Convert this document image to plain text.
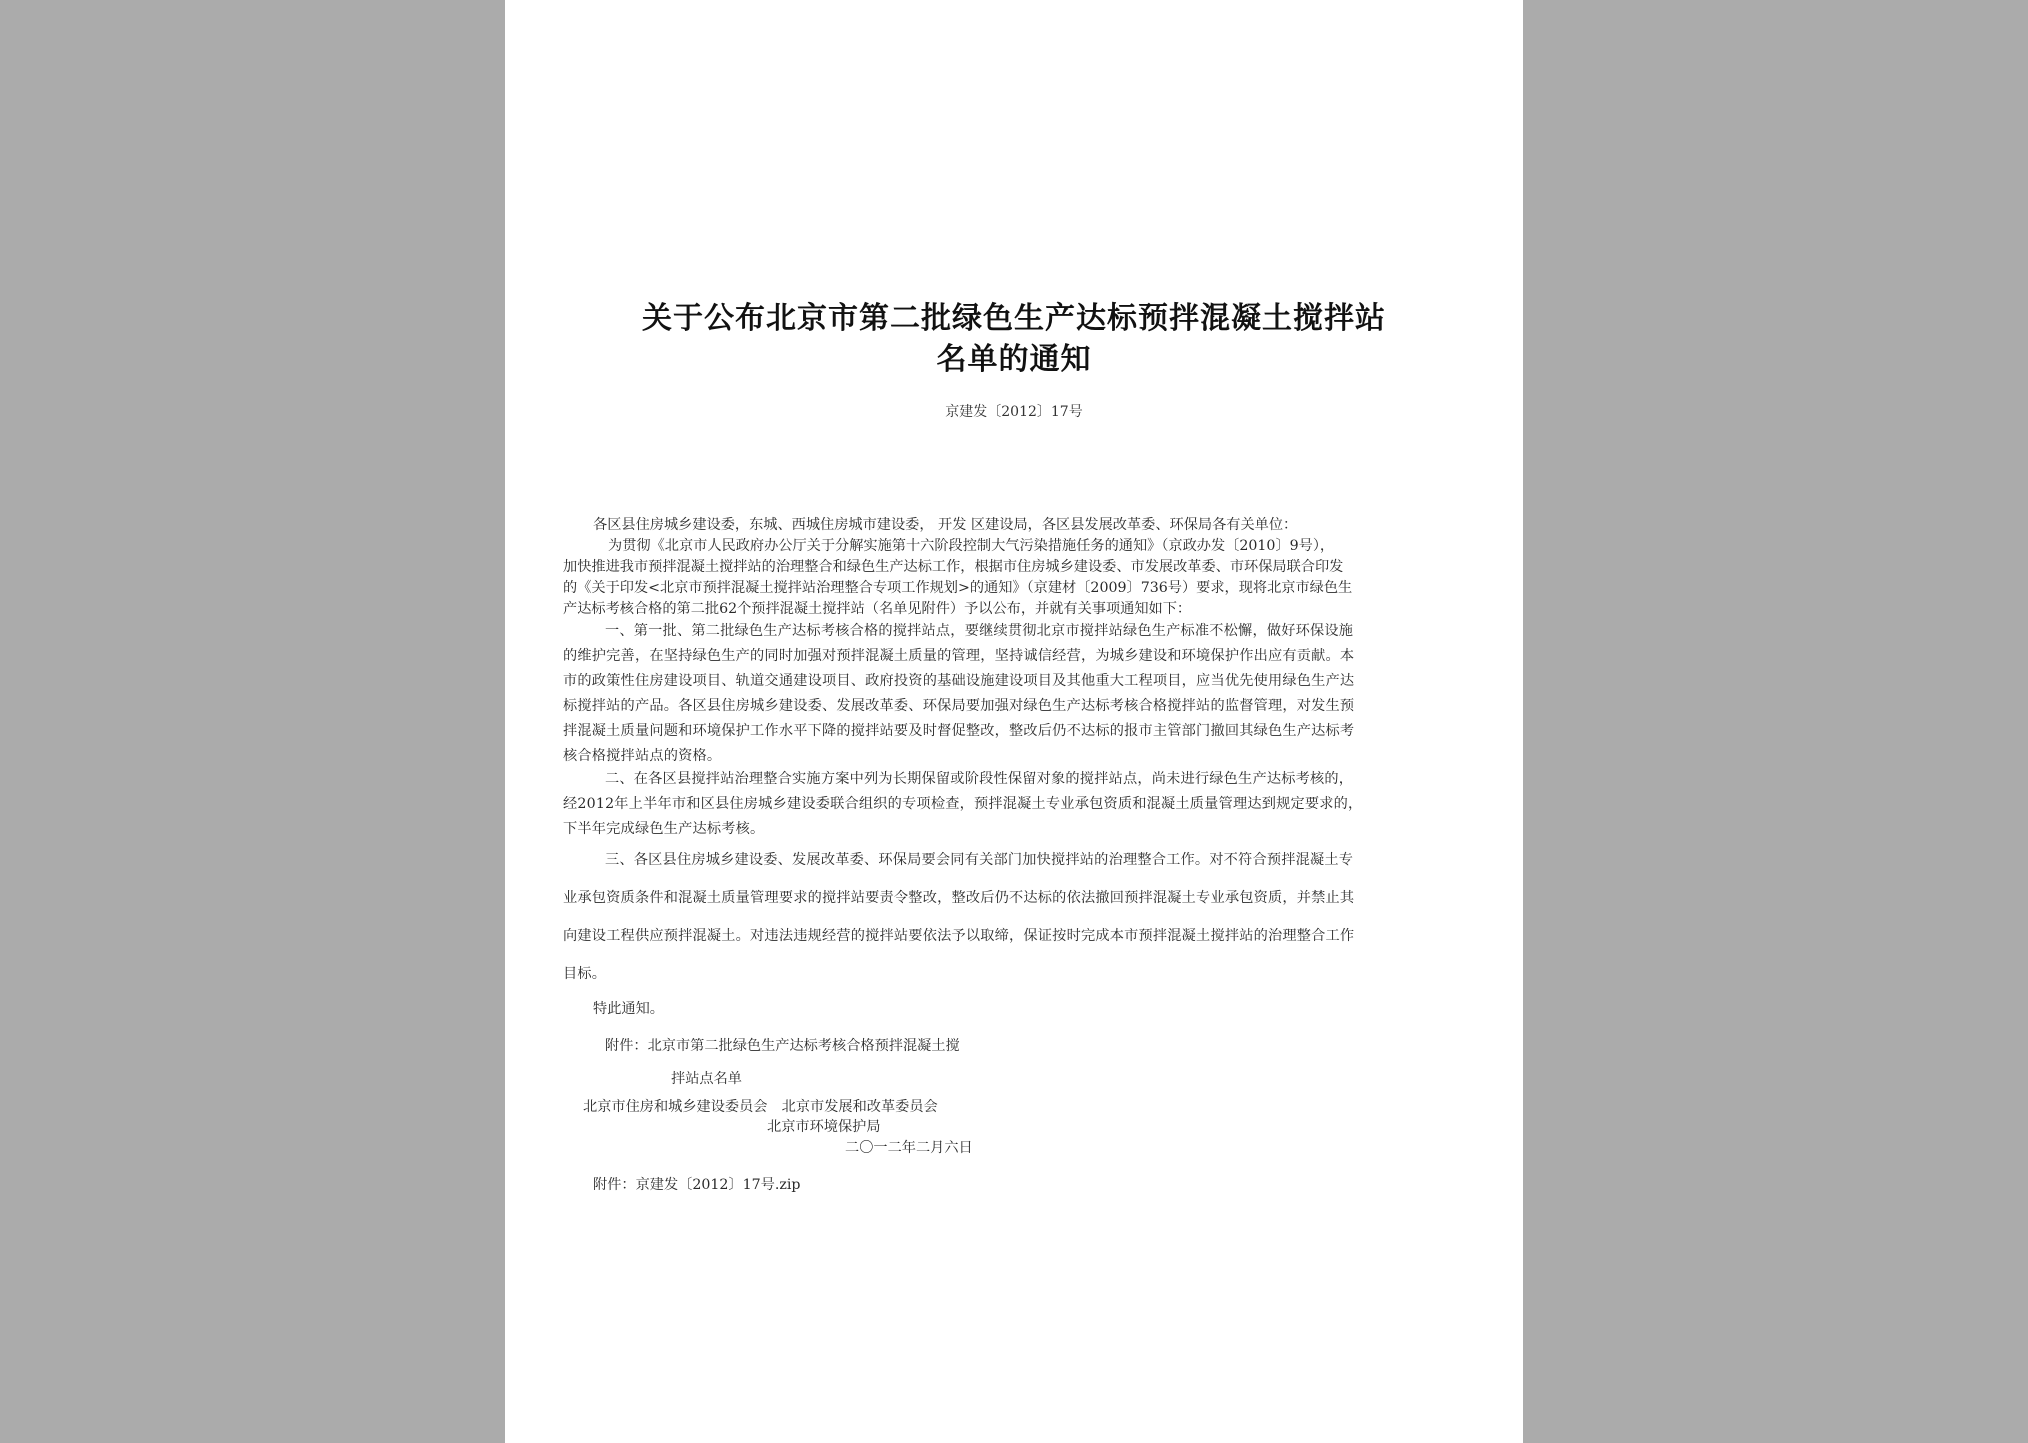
关于公布北京市第二批绿色生产达标预拌混凝土搅拌站
名单的通知
京建发〔2012〕17号
各区县住房城乡建设委，东城、西城住房城市建设委， 开发 区建设局，各区县发展改革委、环保局各有关单位：
为贯彻《北京市人民政府办公厅关于分解实施第十六阶段控制大气污染措施任务的通知》（京政办发〔2010〕9号），
加快推进我市预拌混凝土搅拌站的治理整合和绿色生产达标工作，根据市住房城乡建设委、市发展改革委、市环保局联合印发
的《关于印发<北京市预拌混凝土搅拌站治理整合专项工作规划>的通知》（京建材〔2009〕736号）要求，现将北京市绿色生
产达标考核合格的第二批62个预拌混凝土搅拌站（名单见附件）予以公布，并就有关事项通知如下：
一、第一批、第二批绿色生产达标考核合格的搅拌站点，要继续贯彻北京市搅拌站绿色生产标准不松懈，做好环保设施
的维护完善，在坚持绿色生产的同时加强对预拌混凝土质量的管理，坚持诚信经营，为城乡建设和环境保护作出应有贡献。本
市的政策性住房建设项目、轨道交通建设项目、政府投资的基础设施建设项目及其他重大工程项目，应当优先使用绿色生产达
标搅拌站的产品。各区县住房城乡建设委、发展改革委、环保局要加强对绿色生产达标考核合格搅拌站的监督管理，对发生预
拌混凝土质量问题和环境保护工作水平下降的搅拌站要及时督促整改，整改后仍不达标的报市主管部门撤回其绿色生产达标考
核合格搅拌站点的资格。
二、在各区县搅拌站治理整合实施方案中列为长期保留或阶段性保留对象的搅拌站点，尚未进行绿色生产达标考核的，
经2012年上半年市和区县住房城乡建设委联合组织的专项检查，预拌混凝土专业承包资质和混凝土质量管理达到规定要求的，
下半年完成绿色生产达标考核。
三、各区县住房城乡建设委、发展改革委、环保局要会同有关部门加快搅拌站的治理整合工作。对不符合预拌混凝土专
业承包资质条件和混凝土质量管理要求的搅拌站要责令整改，整改后仍不达标的依法撤回预拌混凝土专业承包资质，并禁止其
向建设工程供应预拌混凝土。对违法违规经营的搅拌站要依法予以取缔，保证按时完成本市预拌混凝土搅拌站的治理整合工作
目标。
特此通知。
附件：北京市第二批绿色生产达标考核合格预拌混凝土搅
拌站点名单
北京市住房和城乡建设委员会　北京市发展和改革委员会
北京市环境保护局
二〇一二年二月六日
附件：京建发〔2012〕17号.zip
